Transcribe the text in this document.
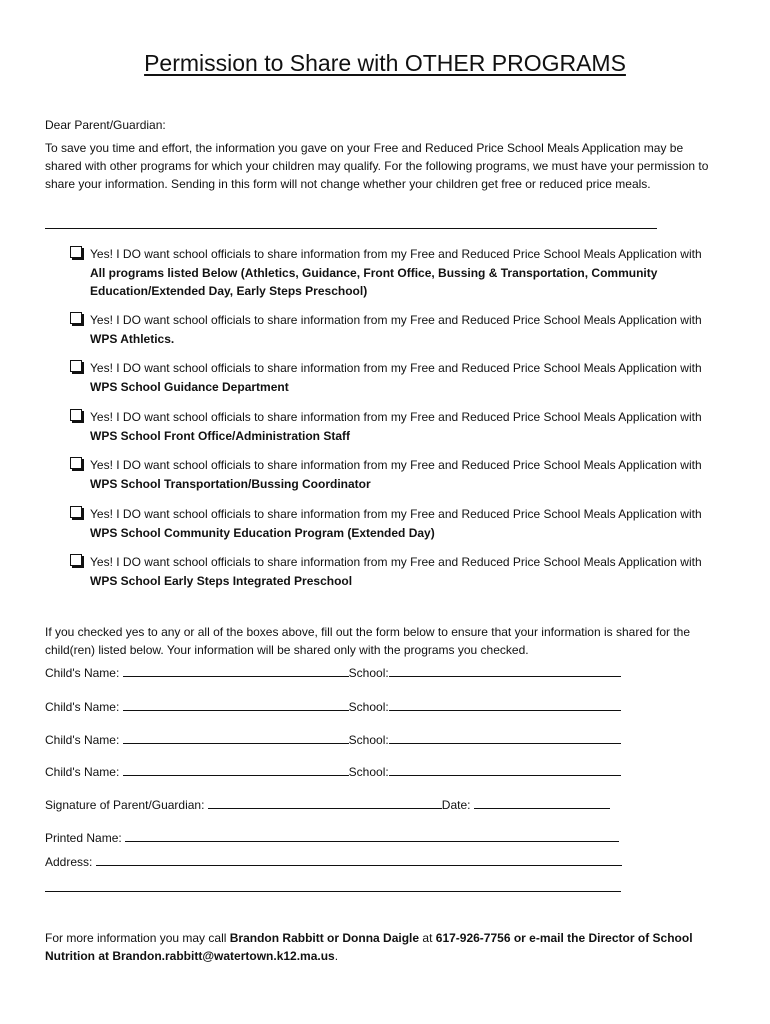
Permission to Share with OTHER PROGRAMS
Dear Parent/Guardian:
To save you time and effort, the information you gave on your Free and Reduced Price School Meals Application may be shared with other programs for which your children may qualify. For the following programs, we must have your permission to share your information. Sending in this form will not change whether your children get free or reduced price meals.
Yes! I DO want school officials to share information from my Free and Reduced Price School Meals Application with All programs listed Below (Athletics, Guidance, Front Office, Bussing & Transportation, Community Education/Extended Day, Early Steps Preschool)
Yes! I DO want school officials to share information from my Free and Reduced Price School Meals Application with WPS Athletics.
Yes! I DO want school officials to share information from my Free and Reduced Price School Meals Application with WPS School Guidance Department
Yes! I DO want school officials to share information from my Free and Reduced Price School Meals Application with WPS School Front Office/Administration Staff
Yes! I DO want school officials to share information from my Free and Reduced Price School Meals Application with WPS School Transportation/Bussing Coordinator
Yes! I DO want school officials to share information from my Free and Reduced Price School Meals Application with WPS School Community Education Program (Extended Day)
Yes! I DO want school officials to share information from my Free and Reduced Price School Meals Application with WPS School Early Steps Integrated Preschool
If you checked yes to any or all of the boxes above, fill out the form below to ensure that your information is shared for the child(ren) listed below. Your information will be shared only with the programs you checked.
Child's Name:	School:
Child's Name:	School:
Child's Name:	School:
Child's Name:	School:
Signature of Parent/Guardian:	Date:
Printed Name:
Address:
For more information you may call Brandon Rabbitt or Donna Daigle at 617-926-7756 or e-mail the Director of School Nutrition at Brandon.rabbitt@watertown.k12.ma.us.
